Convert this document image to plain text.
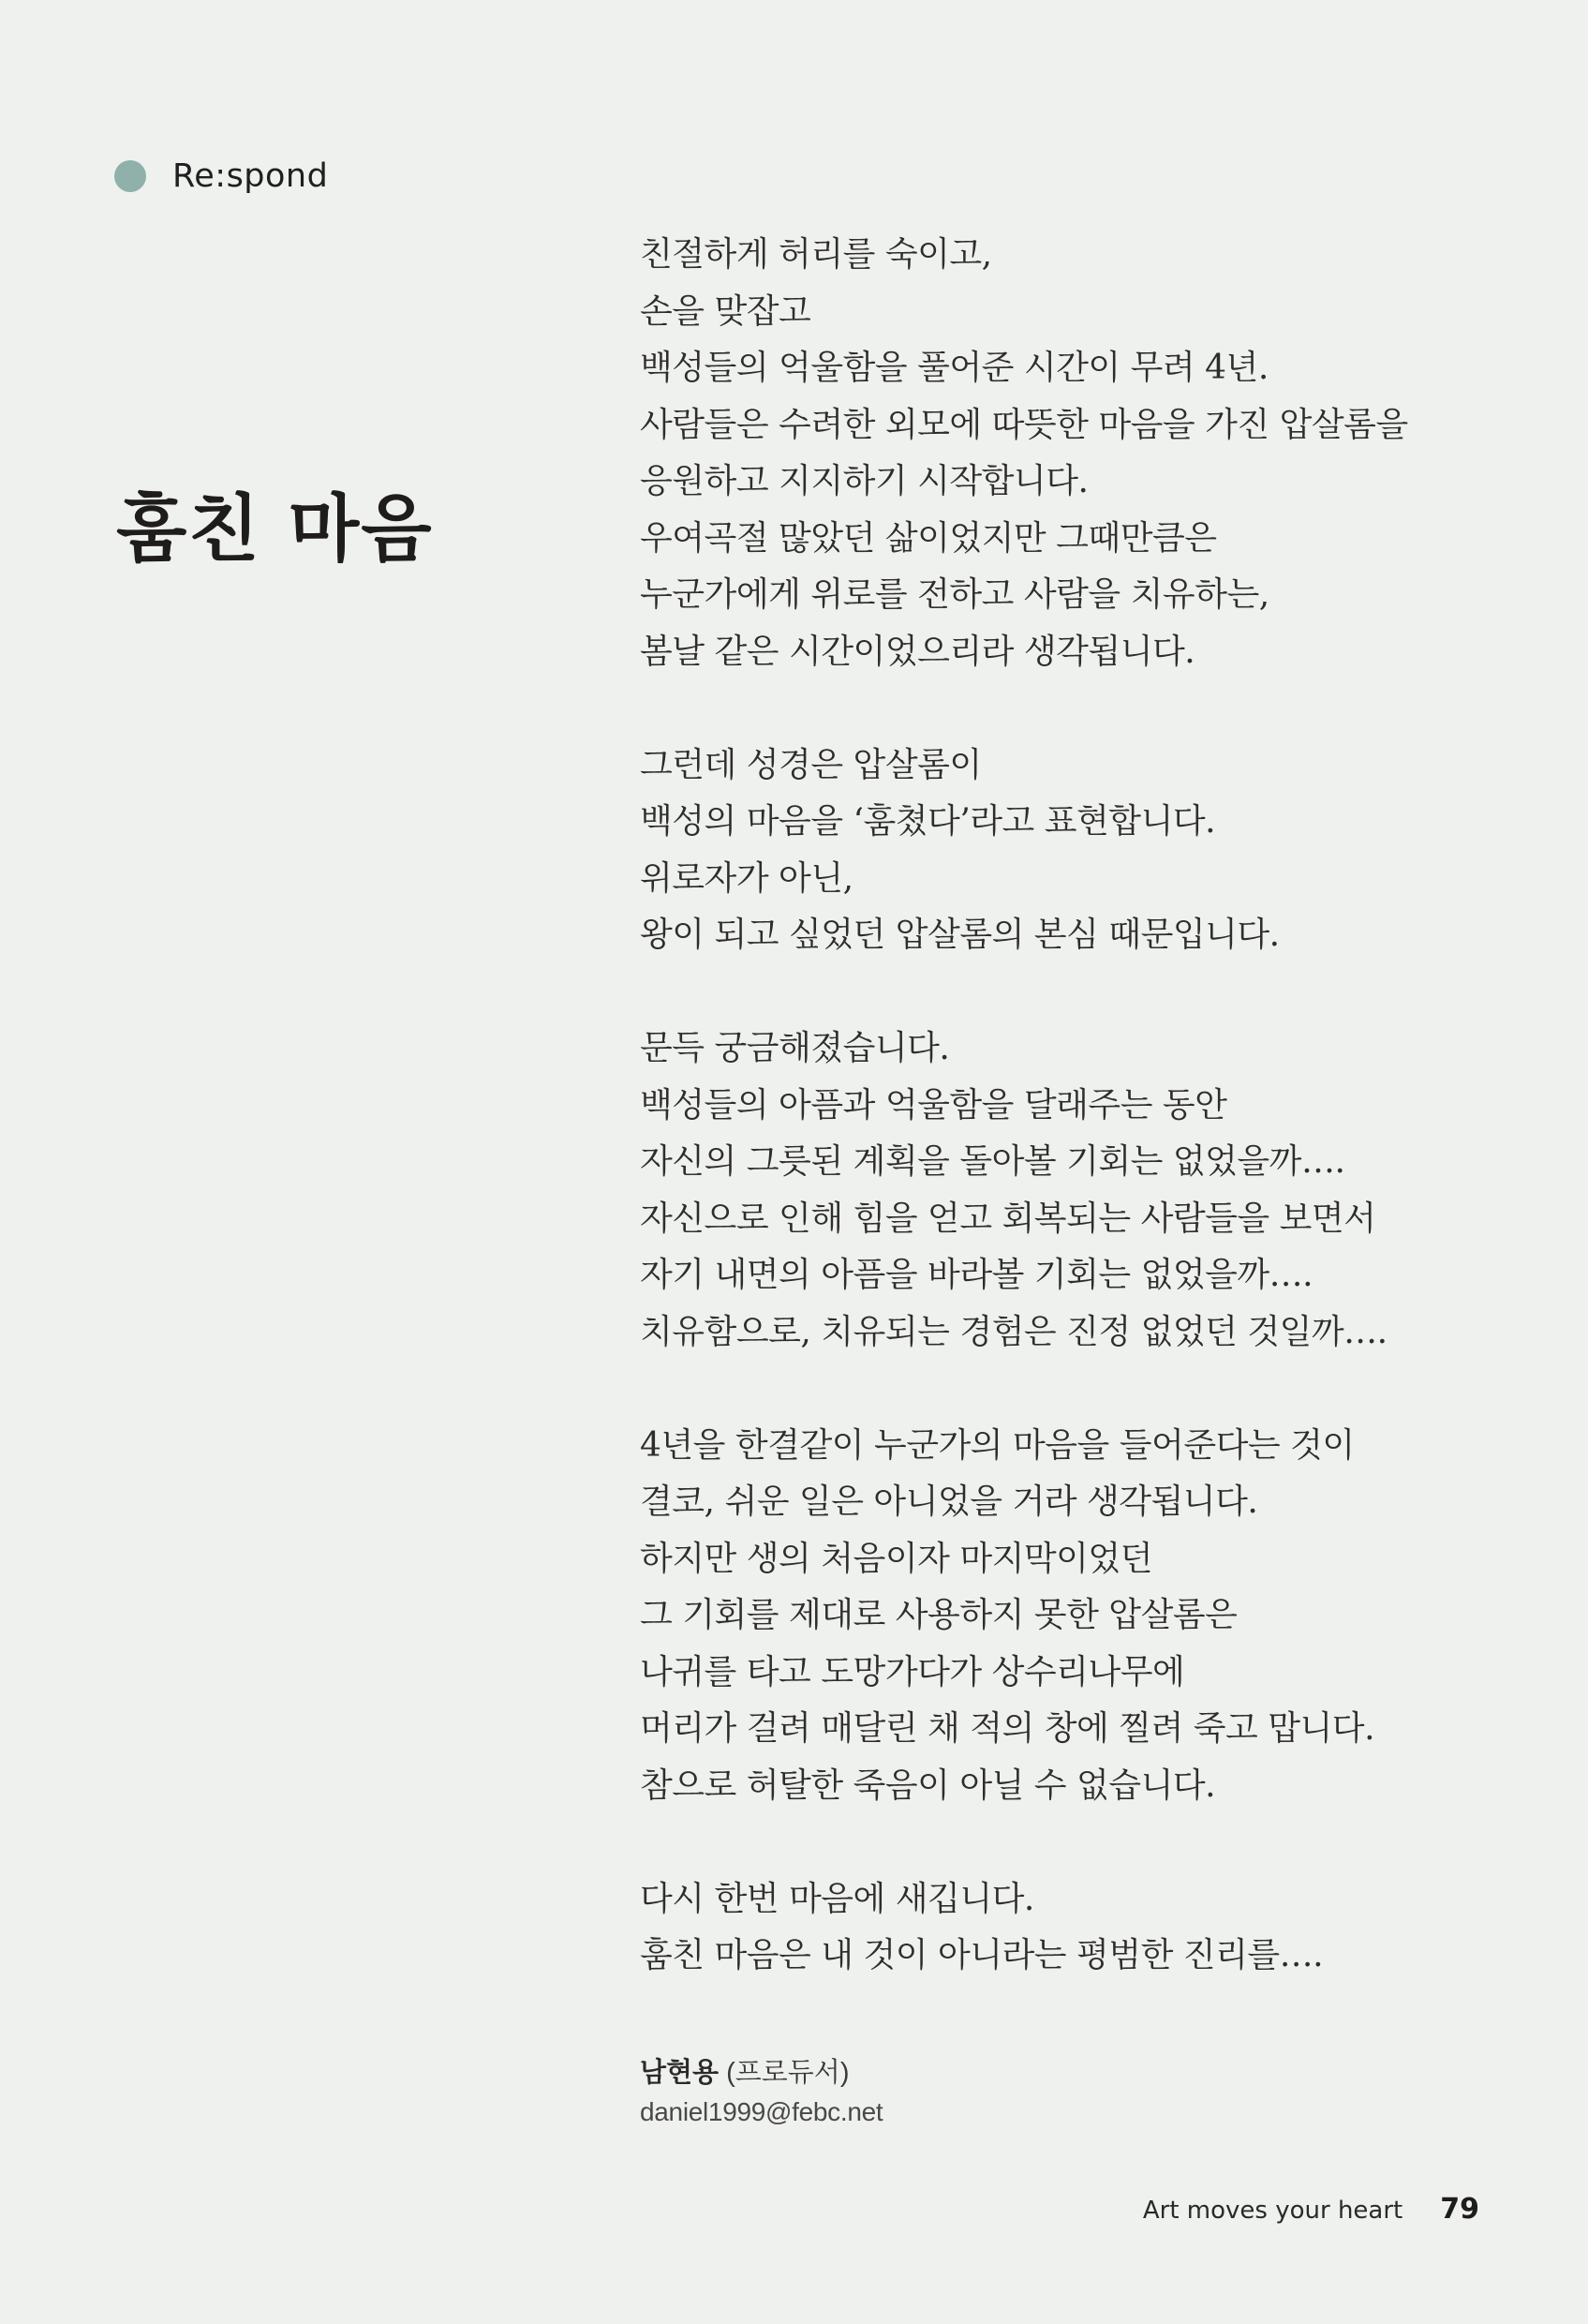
Re:spond
훔친 마음

친절하게 허리를 숙이고,
손을 맞잡고
백성들의 억울함을 풀어준 시간이 무려 4년.
사람들은 수려한 외모에 따뜻한 마음을 가진 압살롬을
응원하고 지지하기 시작합니다.
우여곡절 많았던 삶이었지만 그때만큼은
누군가에게 위로를 전하고 사람을 치유하는,
봄날 같은 시간이었으리라 생각됩니다.

그런데 성경은 압살롬이
백성의 마음을 ‘훔쳤다’라고 표현합니다.
위로자가 아닌,
왕이 되고 싶었던 압살롬의 본심 때문입니다.

문득 궁금해졌습니다.
백성들의 아픔과 억울함을 달래주는 동안
자신의 그릇된 계획을 돌아볼 기회는 없었을까….
자신으로 인해 힘을 얻고 회복되는 사람들을 보면서
자기 내면의 아픔을 바라볼 기회는 없었을까….
치유함으로, 치유되는 경험은 진정 없었던 것일까….

4년을 한결같이 누군가의 마음을 들어준다는 것이
결코, 쉬운 일은 아니었을 거라 생각됩니다.
하지만 생의 처음이자 마지막이었던
그 기회를 제대로 사용하지 못한 압살롬은
나귀를 타고 도망가다가 상수리나무에
머리가 걸려 매달린 채 적의 창에 찔려 죽고 맙니다.
참으로 허탈한 죽음이 아닐 수 없습니다.

다시 한번 마음에 새깁니다.
훔친 마음은 내 것이 아니라는 평범한 진리를….

남현용 (프로듀서)
daniel1999@febc.net
Art moves your heart 79
